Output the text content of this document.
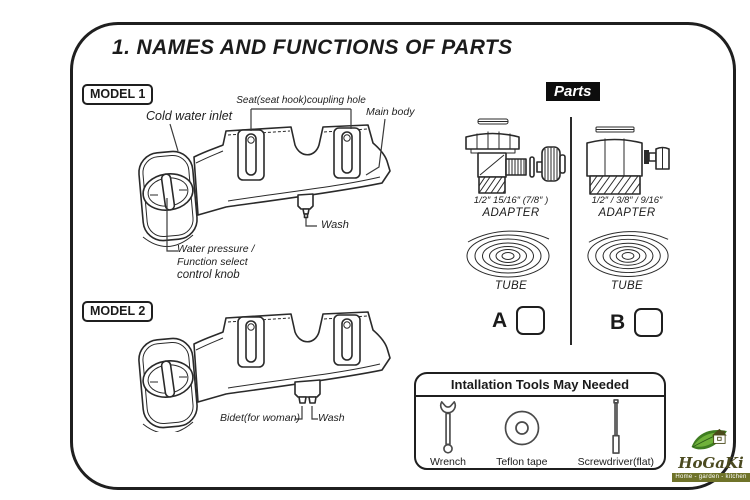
1. NAMES AND FUNCTIONS OF PARTS
MODEL 1	Seat(seat hook)coupling hole
Main body
Cold water inlet
Wash
Water pressure /
Function select
control knob
MODEL 2
Bidet(for woman) Wash
Parts
1/2″ 15/16″ (7/8″ )
ADAPTER
TUBE
A
1/2″ / 3/8″ / 9/16″
ADAPTER
TUBE
B
Intallation Tools May Needed
Wrench	Teflon tape	Screwdriver(flat)	HoGaKi
Home - garden - kitchen
